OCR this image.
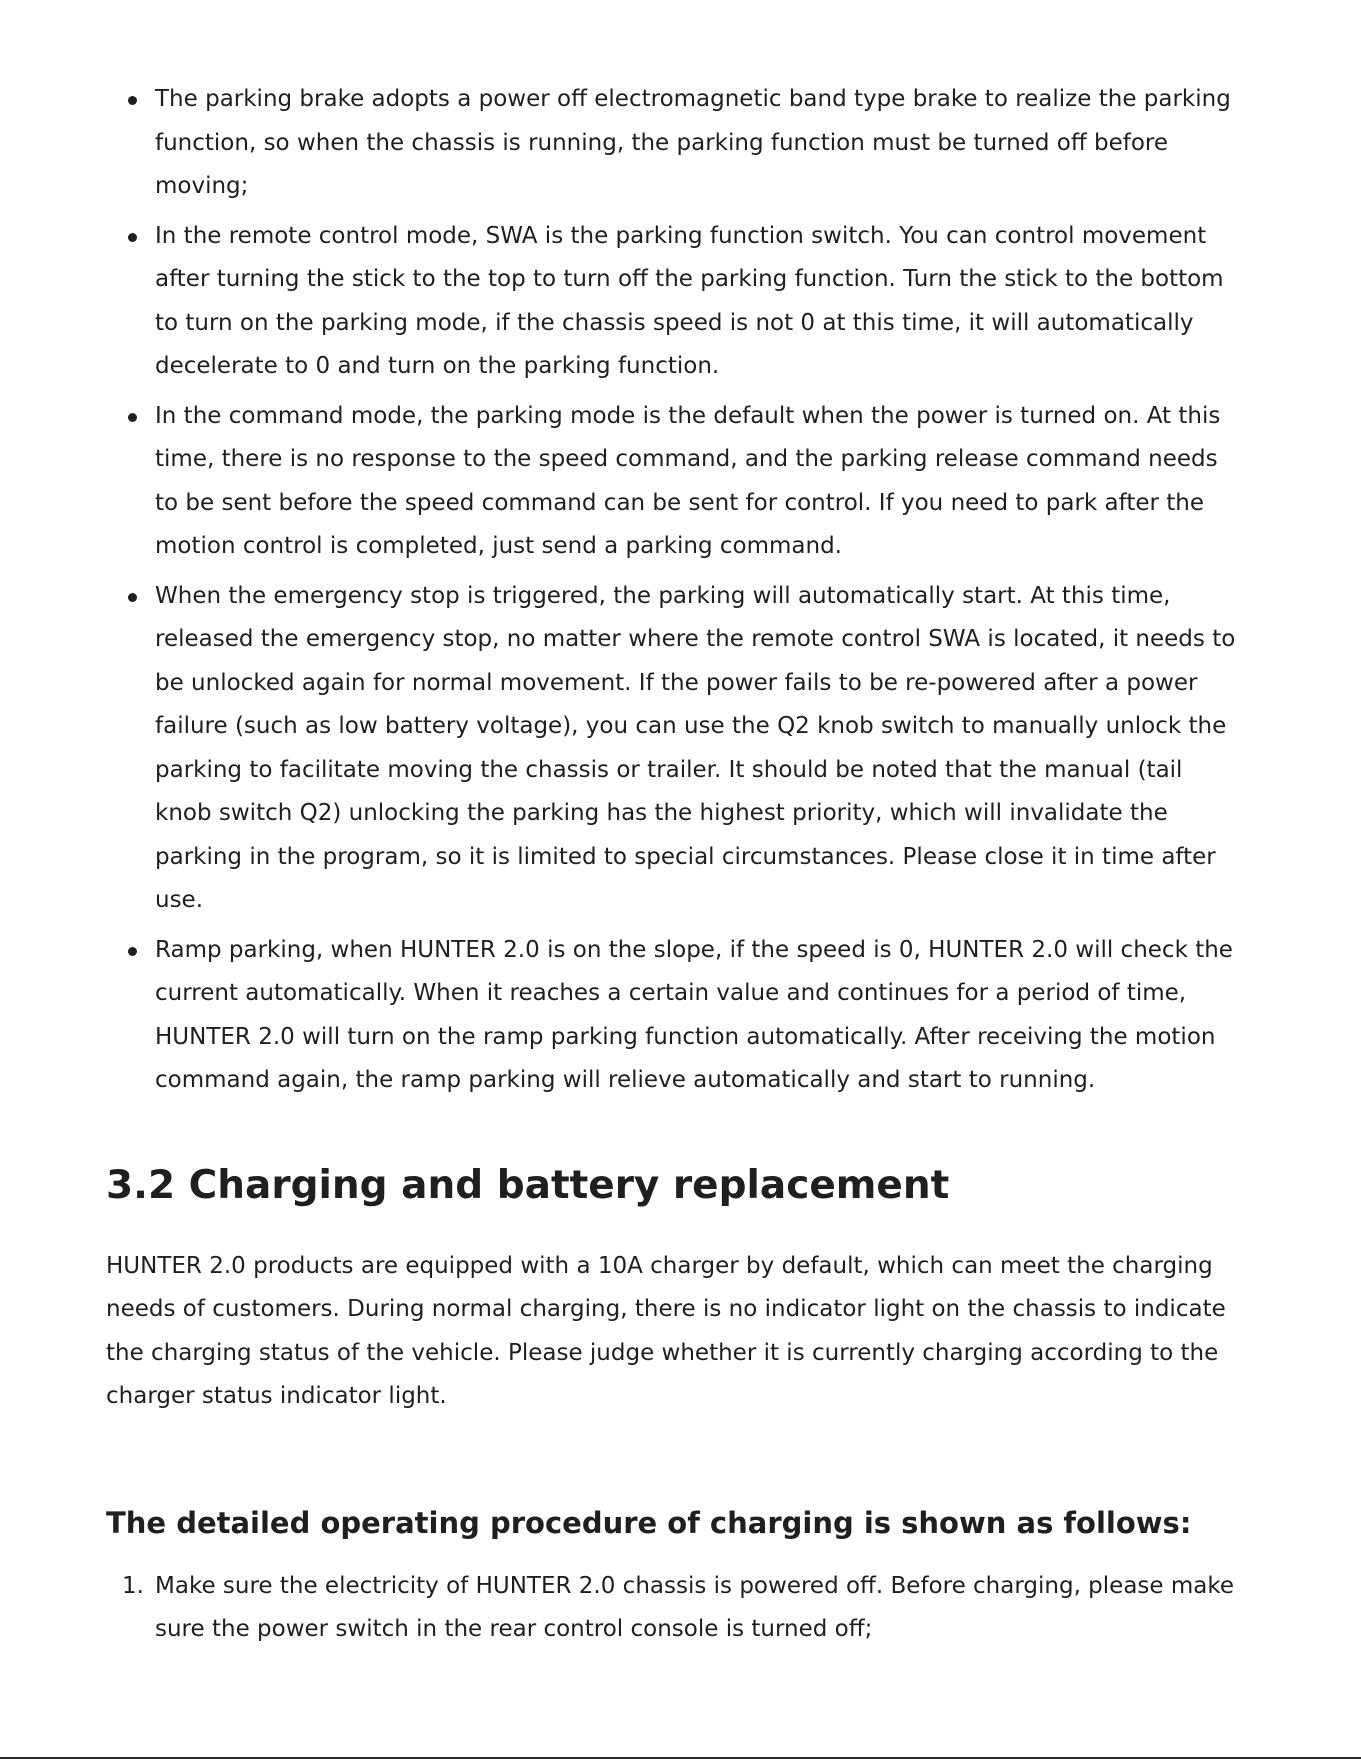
The parking brake adopts a power off electromagnetic band type brake to realize the parking function, so when the chassis is running, the parking function must be turned off before moving;
In the remote control mode, SWA is the parking function switch. You can control movement after turning the stick to the top to turn off the parking function. Turn the stick to the bottom to turn on the parking mode, if the chassis speed is not 0 at this time, it will automatically decelerate to 0 and turn on the parking function.
In the command mode, the parking mode is the default when the power is turned on. At this time, there is no response to the speed command, and the parking release command needs to be sent before the speed command can be sent for control. If you need to park after the motion control is completed, just send a parking command.
When the emergency stop is triggered, the parking will automatically start. At this time, released the emergency stop, no matter where the remote control SWA is located, it needs to be unlocked again for normal movement. If the power fails to be re-powered after a power failure (such as low battery voltage), you can use the Q2 knob switch to manually unlock the parking to facilitate moving the chassis or trailer. It should be noted that the manual (tail knob switch Q2) unlocking the parking has the highest priority, which will invalidate the parking in the program, so it is limited to special circumstances. Please close it in time after use.
Ramp parking, when HUNTER 2.0 is on the slope, if the speed is 0, HUNTER 2.0 will check the current automatically. When it reaches a certain value and continues for a period of time, HUNTER 2.0 will turn on the ramp parking function automatically. After receiving the motion command again, the ramp parking will relieve automatically and start to running.
3.2 Charging and battery replacement

HUNTER 2.0 products are equipped with a 10A charger by default, which can meet the charging needs of customers. During normal charging, there is no indicator light on the chassis to indicate the charging status of the vehicle. Please judge whether it is currently charging according to the charger status indicator light.

The detailed operating procedure of charging is shown as follows:
1. Make sure the electricity of HUNTER 2.0 chassis is powered off. Before charging, please make sure the power switch in the rear control console is turned off;
